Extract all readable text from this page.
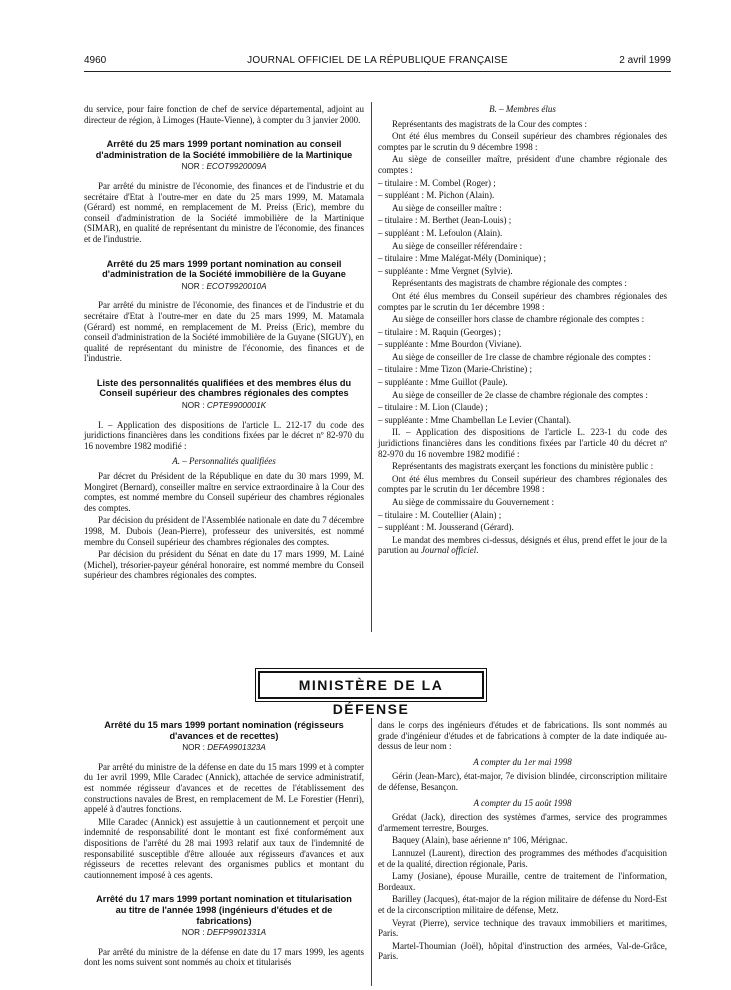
4960	JOURNAL OFFICIEL DE LA RÉPUBLIQUE FRANÇAISE	2 avril 1999

du service, pour faire fonction de chef de service départemental, adjoint au directeur de région, à Limoges (Haute-Vienne), à compter du 3 janvier 2000.

Arrêté du 25 mars 1999 portant nomination au conseil d'administration de la Société immobilière de la Martinique
NOR : ECOT9920009A

Par arrêté du ministre de l'économie, des finances et de l'industrie et du secrétaire d'Etat à l'outre-mer en date du 25 mars 1999, M. Matamala (Gérard) est nommé, en remplacement de M. Preiss (Eric), membre du conseil d'administration de la Société immobilière de la Martinique (SIMAR), en qualité de représentant du ministre de l'économie, des finances et de l'industrie.

Arrêté du 25 mars 1999 portant nomination au conseil d'administration de la Société immobilière de la Guyane
NOR : ECOT9920010A

Par arrêté du ministre de l'économie, des finances et de l'industrie et du secrétaire d'Etat à l'outre-mer en date du 25 mars 1999, M. Matamala (Gérard) est nommé, en remplacement de M. Preiss (Eric), membre du conseil d'administration de la Société immobilière de la Guyane (SIGUY), en qualité de représentant du ministre de l'économie, des finances et de l'industrie.

Liste des personnalités qualifiées et des membres élus du Conseil supérieur des chambres régionales des comptes
NOR : CPTE9900001K

I. – Application des dispositions de l'article L. 212-17 du code des juridictions financières dans les conditions fixées par le décret nº 82-970 du 16 novembre 1982 modifié :

A. – Personnalités qualifiées

Par décret du Président de la République en date du 30 mars 1999, M. Mongiret (Bernard), conseiller maître en service extraordinaire à la Cour des comptes, est nommé membre du Conseil supérieur des chambres régionales des comptes.

Par décision du président de l'Assemblée nationale en date du 7 décembre 1998, M. Dubois (Jean-Pierre), professeur des universités, est nommé membre du Conseil supérieur des chambres régionales des comptes.

Par décision du président du Sénat en date du 17 mars 1999, M. Lainé (Michel), trésorier-payeur général honoraire, est nommé membre du Conseil supérieur des chambres régionales des comptes.

B. – Membres élus

Représentants des magistrats de la Cour des comptes :

Ont été élus membres du Conseil supérieur des chambres régionales des comptes par le scrutin du 9 décembre 1998 :

Au siège de conseiller maître, président d'une chambre régionale des comptes :

– titulaire : M. Combel (Roger) ;

– suppléant : M. Pichon (Alain).

Au siège de conseiller maître :

– titulaire : M. Berthet (Jean-Louis) ;

– suppléant : M. Lefoulon (Alain).

Au siège de conseiller référendaire :

– titulaire : Mme Malégat-Mély (Dominique) ;

– suppléante : Mme Vergnet (Sylvie).

Représentants des magistrats de chambre régionale des comptes :

Ont été élus membres du Conseil supérieur des chambres régionales des comptes par le scrutin du 1er décembre 1998 :

Au siège de conseiller hors classe de chambre régionale des comptes :

– titulaire : M. Raquin (Georges) ;

– suppléante : Mme Bourdon (Viviane).

Au siège de conseiller de 1re classe de chambre régionale des comptes :

– titulaire : Mme Tizon (Marie-Christine) ;

– suppléante : Mme Guillot (Paule).

Au siège de conseiller de 2e classe de chambre régionale des comptes :

– titulaire : M. Lion (Claude) ;

– suppléante : Mme Chambellan Le Levier (Chantal).

II. – Application des dispositions de l'article L. 223-1 du code des juridictions financières dans les conditions fixées par l'article 40 du décret nº 82-970 du 16 novembre 1982 modifié :

Représentants des magistrats exerçant les fonctions du ministère public :

Ont été élus membres du Conseil supérieur des chambres régionales des comptes par le scrutin du 1er décembre 1998 :

Au siège de commissaire du Gouvernement :

– titulaire : M. Coutellier (Alain) ;

– suppléant : M. Jousserand (Gérard).

Le mandat des membres ci-dessus, désignés et élus, prend effet le jour de la parution au Journal officiel.

MINISTÈRE DE LA DÉFENSE
Arrêté du 15 mars 1999 portant nomination (régisseurs d'avances et de recettes)
NOR : DEFA9901323A

Par arrêté du ministre de la défense en date du 15 mars 1999 et à compter du 1er avril 1999, Mlle Caradec (Annick), attachée de service administratif, est nommée régisseur d'avances et de recettes de l'établissement des constructions navales de Brest, en remplacement de M. Le Forestier (Henri), appelé à d'autres fonctions.

Mlle Caradec (Annick) est assujettie à un cautionnement et perçoit une indemnité de responsabilité dont le montant est fixé conformément aux dispositions de l'arrêté du 28 mai 1993 relatif aux taux de l'indemnité de responsabilité susceptible d'être allouée aux régisseurs d'avances et aux régisseurs de recettes relevant des organismes publics et montant du cautionnement imposé à ces agents.

Arrêté du 17 mars 1999 portant nomination et titularisation au titre de l'année 1998 (ingénieurs d'études et de fabrications)
NOR : DEFP9901331A

Par arrêté du ministre de la défense en date du 17 mars 1999, les agents dont les noms suivent sont nommés au choix et titularisés

dans le corps des ingénieurs d'études et de fabrications. Ils sont nommés au grade d'ingénieur d'études et de fabrications à compter de la date indiquée au-dessus de leur nom :

A compter du 1er mai 1998

Gérin (Jean-Marc), état-major, 7e division blindée, circonscription militaire de défense, Besançon.

A compter du 15 août 1998

Grédat (Jack), direction des systèmes d'armes, service des programmes d'armement terrestre, Bourges.

Baquey (Alain), base aérienne nº 106, Mérignac.

Lannuzel (Laurent), direction des programmes des méthodes d'acquisition et de la qualité, direction régionale, Paris.

Lamy (Josiane), épouse Muraille, centre de traitement de l'information, Bordeaux.

Barilley (Jacques), état-major de la région militaire de défense du Nord-Est et de la circonscription militaire de défense, Metz.

Veyrat (Pierre), service technique des travaux immobiliers et maritimes, Paris.

Martel-Thoumian (Joël), hôpital d'instruction des armées, Val-de-Grâce, Paris.
